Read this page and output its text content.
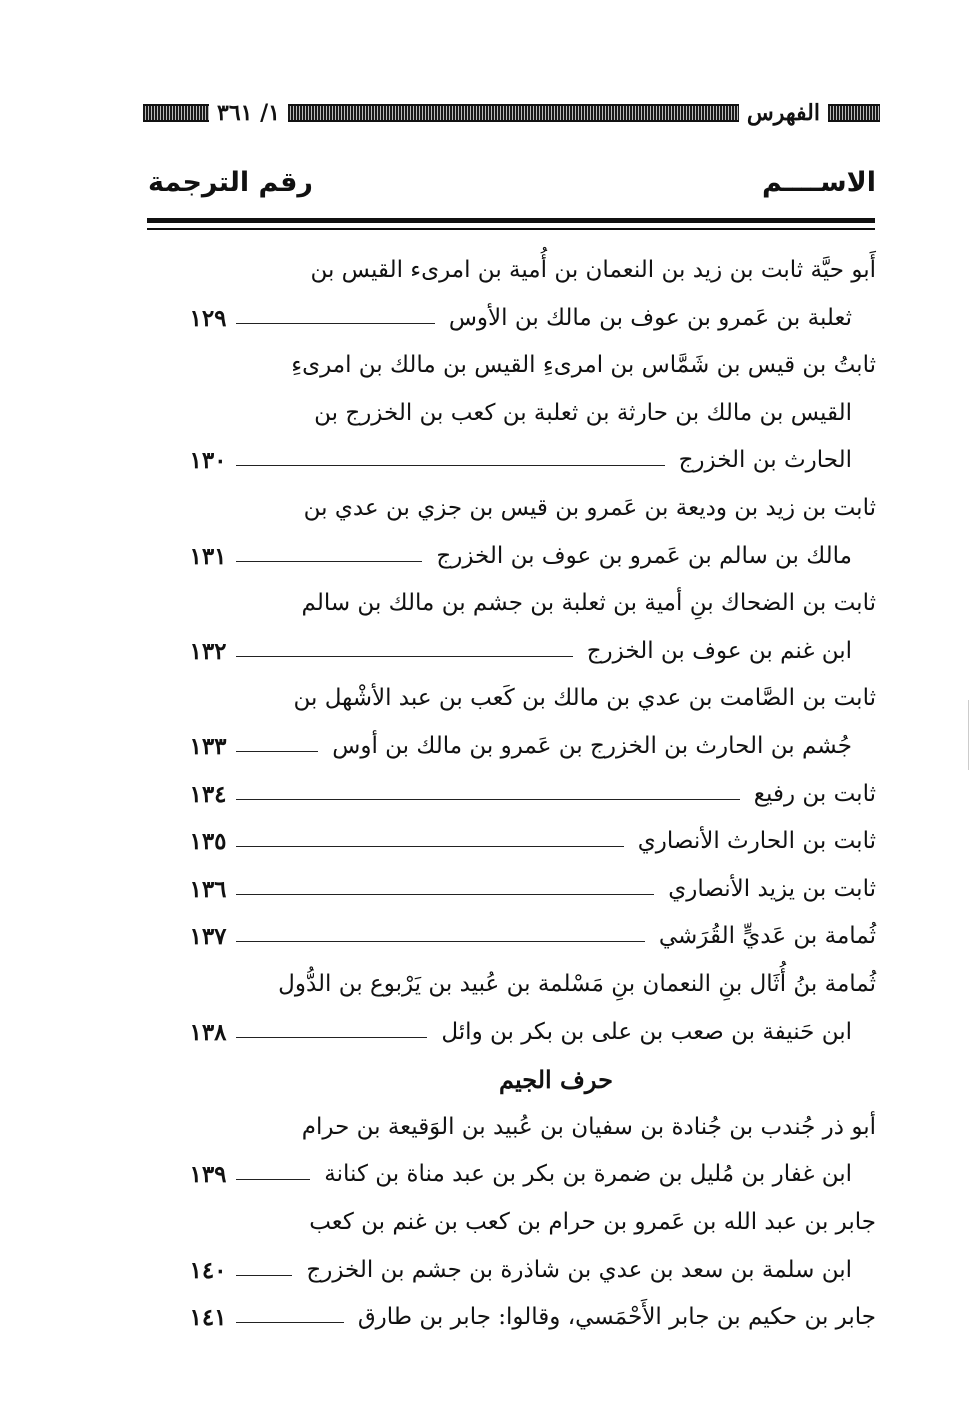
الفهرس
١/ ٣٦١
الاســــم
رقم الترجمة
أَبو حيَّة ثابت بن زيد بن النعمان بن أُمية بن امرىء القيس بن
١٢٩	ثعلبة بن عَمرو بن عوف بن مالك بن الأوس
ثابتُ بن قيس بن شَمَّاس بن امرىءِ القيس بن مالك بن امرىءِ
القيس بن مالك بن حارثة بن ثعلبة بن كعب بن الخزرج بن
١٣٠	الحارث بن الخزرج
ثابت بن زيد بن وديعة بن عَمرو بن قيس بن جزي بن عدي بن
١٣١	مالك بن سالم بن عَمرو بن عوف بن الخزرج
ثابت بن الضحاك بنِ أمية بن ثعلبة بن جشم بن مالك بن سالم
١٣٢	ابن غنم بن عوف بن الخزرج
ثابت بن الصَّامت بن عدي بن مالك بن كَعب بن عبد الأشْهل بن
١٣٣	جُشم بن الحارث بن الخزرج بن عَمرو بن مالك بن أوس
١٣٤	ثابت بن رفيع
١٣٥	ثابت بن الحارث الأنصاري
١٣٦	ثابت بن يزيد الأنصاري
١٣٧	ثُمامة بن عَديٍّ القُرَشي
ثُمامة بنُ أُثَال بنِ النعمان بنِ مَسْلمة بن عُبيد بن يَرْبوع بن الدُّول
١٣٨	ابن حَنيفة بن صعب بن على بن بكر بن وائل
حرف الجيم
أبو ذر جُندب بن جُنادة بن سفيان بن عُبيد بن الوَقيعة بن حرام
١٣٩	ابن غفار بن مُليل بن ضمرة بن بكر بن عبد مناة بن كنانة
جابر بن عبد الله بن عَمرو بن حرام بن كعب بن غنم بن كعب
١٤٠	ابن سلمة بن سعد بن عدي بن شاذرة بن جشم بن الخزرج
١٤١	جابر بن حكيم بن جابر الأَحْمَسي، وقالوا: جابر بن طارق
